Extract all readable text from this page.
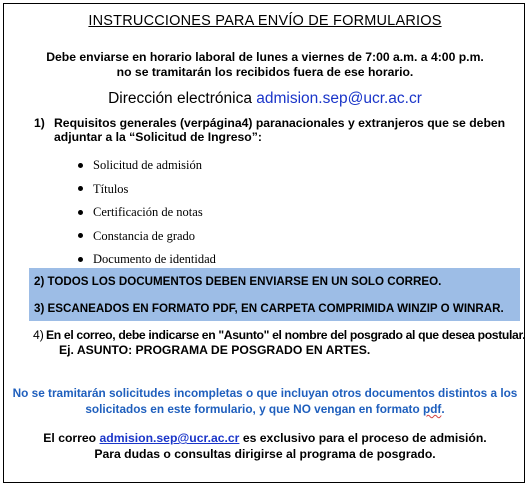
INSTRUCCIONES PARA ENVÍO DE FORMULARIOS
Debe enviarse en horario laboral de lunes a viernes de 7:00 a.m. a 4:00 p.m.
no se tramitarán los recibidos fuera de ese horario.
Dirección electrónica admision.sep@ucr.ac.cr
1) Requisitos generales (verpágina4) paranacionales y extranjeros que se deben
adjuntar a la “Solicitud de Ingreso”:
Solicitud de admisión
Títulos
Certificación de notas
Constancia de grado
Documento de identidad
2) TODOS LOS DOCUMENTOS DEBEN ENVIARSE EN UN SOLO CORREO.
3) ESCANEADOS EN FORMATO PDF, EN CARPETA COMPRIMIDA WINZIP O WINRAR.
4) En el correo, debe indicarse en "Asunto" el nombre del posgrado al que desea postular.
Ej. ASUNTO: PROGRAMA DE POSGRADO EN ARTES.
No se tramitarán solicitudes incompletas o que incluyan otros documentos distintos a los
solicitados en este formulario, y que NO vengan en formato pdf.
El correo admision.sep@ucr.ac.cr es exclusivo para el proceso de admisión.
Para dudas o consultas dirigirse al programa de posgrado.
